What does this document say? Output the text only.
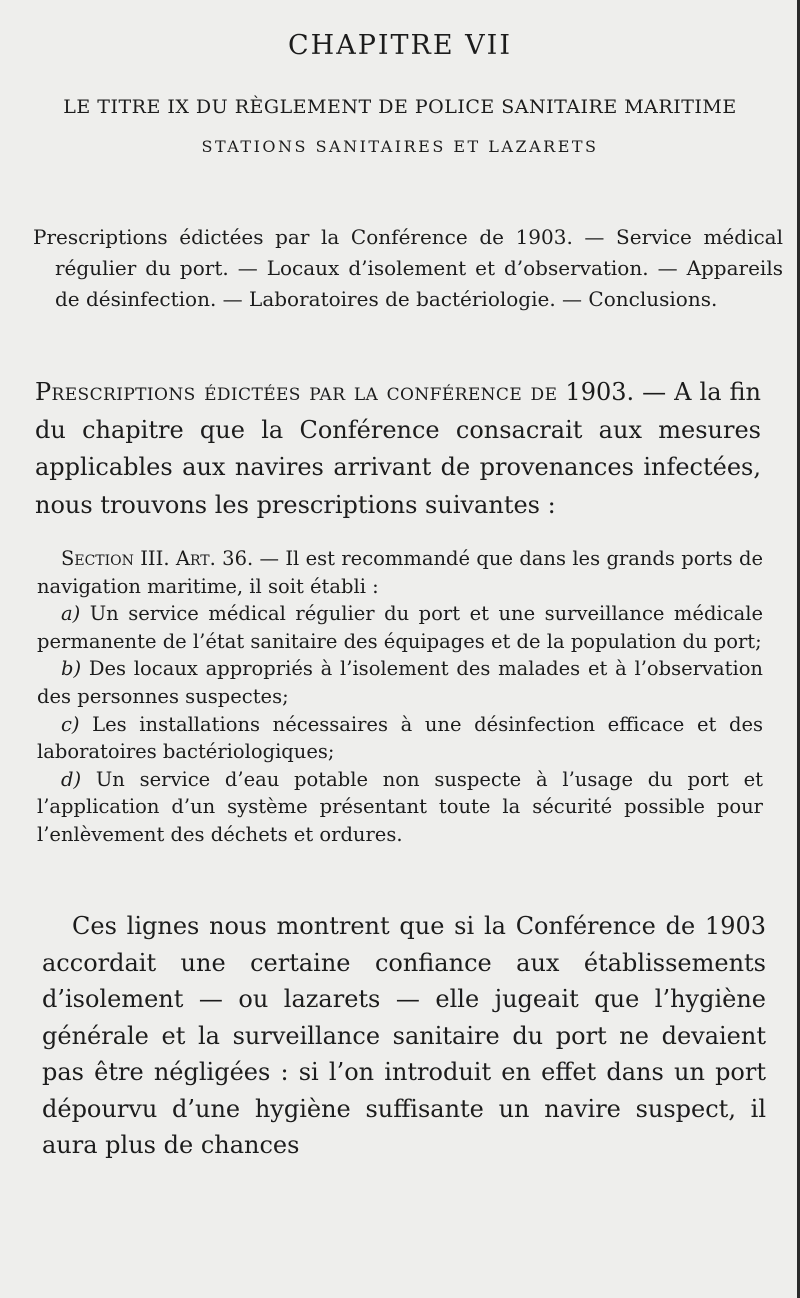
CHAPITRE VII
LE TITRE IX DU RÈGLEMENT DE POLICE SANITAIRE MARITIME
STATIONS SANITAIRES ET LAZARETS

Prescriptions édictées par la Conférence de 1903. — Service médical régulier du port. — Locaux d’isolement et d’observation. — Appareils de désinfection. — Laboratoires de bactériologie. — Conclusions.

Prescriptions édictées par la conférence de 1903. — A la fin du chapitre que la Conférence consacrait aux mesures applicables aux navires arrivant de provenances infectées, nous trouvons les prescriptions suivantes :

Section III. Art. 36. — Il est recommandé que dans les grands ports de navigation maritime, il soit établi :
a) Un service médical régulier du port et une surveillance médicale permanente de l’état sanitaire des équipages et de la population du port;
b) Des locaux appropriés à l’isolement des malades et à l’observation des personnes suspectes;
c) Les installations nécessaires à une désinfection efficace et des laboratoires bactériologiques;
d) Un service d’eau potable non suspecte à l’usage du port et l’application d’un système présentant toute la sécurité possible pour l’enlèvement des déchets et ordures.

Ces lignes nous montrent que si la Conférence de 1903 accordait une certaine confiance aux établissements d’isolement — ou lazarets — elle jugeait que l’hygiène générale et la surveillance sanitaire du port ne devaient pas être négligées : si l’on introduit en effet dans un port dépourvu d’une hygiène suffisante un navire suspect, il aura plus de chances
